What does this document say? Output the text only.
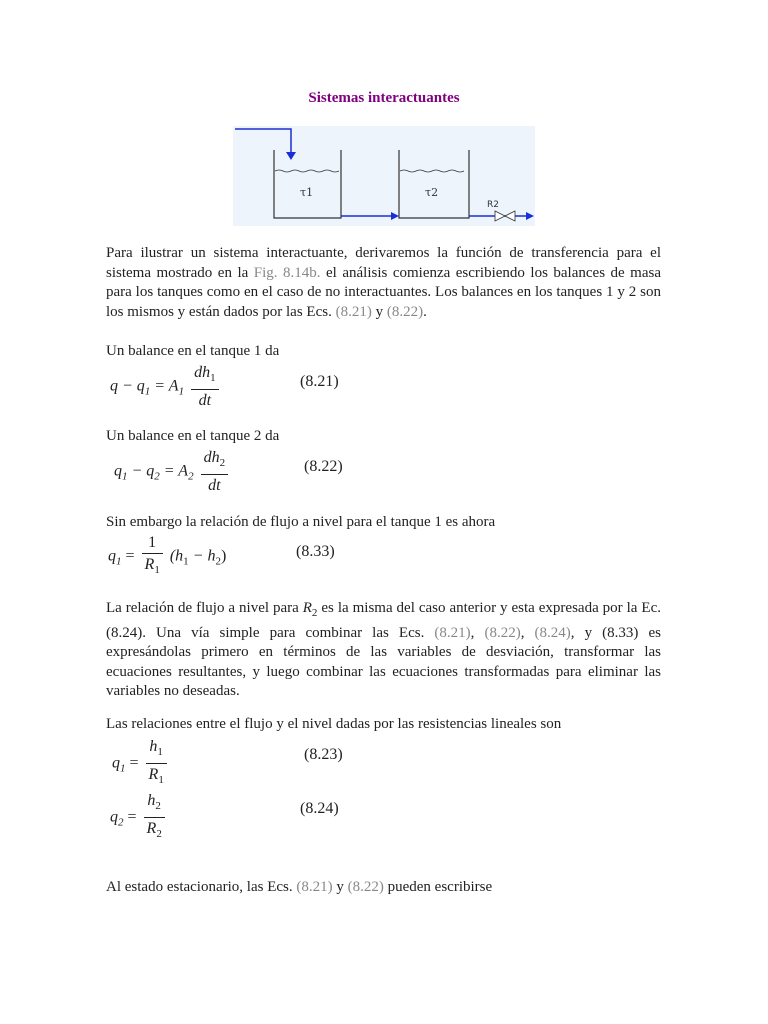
Sistemas interactuantes
τ1	τ2
R2

Para ilustrar un sistema interactuante, derivaremos la función de transferencia para el sistema mostrado en la Fig. 8.14b. el análisis comienza escribiendo los balances de masa para los tanques como en el caso de no interactuantes. Los balances en los tanques 1 y 2 son los mismos y están dados por las Ecs. (8.21) y (8.22).

Un balance en el tanque 1 da
$q - q_1 = A_1 \frac{dh_1}{dt}$	(8.21)
Un balance en el tanque 2 da
$q_1 - q_2 = A_2 \frac{dh_2}{dt}$	(8.22)
Sin embargo la relación de flujo a nivel para el tanque 1 es ahora
$q_1 = \frac{1}{R_1} (h_1 - h_2)$	(8.33)

La relación de flujo a nivel para $R_2$ es la misma del caso anterior y esta expresada por la Ec. (8.24). Una vía simple para combinar las Ecs. (8.21), (8.22), (8.24), y (8.33) es expresándolas primero en términos de las variables de desviación, transformar las ecuaciones resultantes, y luego combinar las ecuaciones transformadas para eliminar las variables no deseadas.

Las relaciones entre el flujo y el nivel dadas por las resistencias lineales son
$q_1 = \frac{h_1}{R_1}$	(8.23)
$q_2 = \frac{h_2}{R_2}$	(8.24)
Al estado estacionario, las Ecs. (8.21) y (8.22) pueden escribirse
